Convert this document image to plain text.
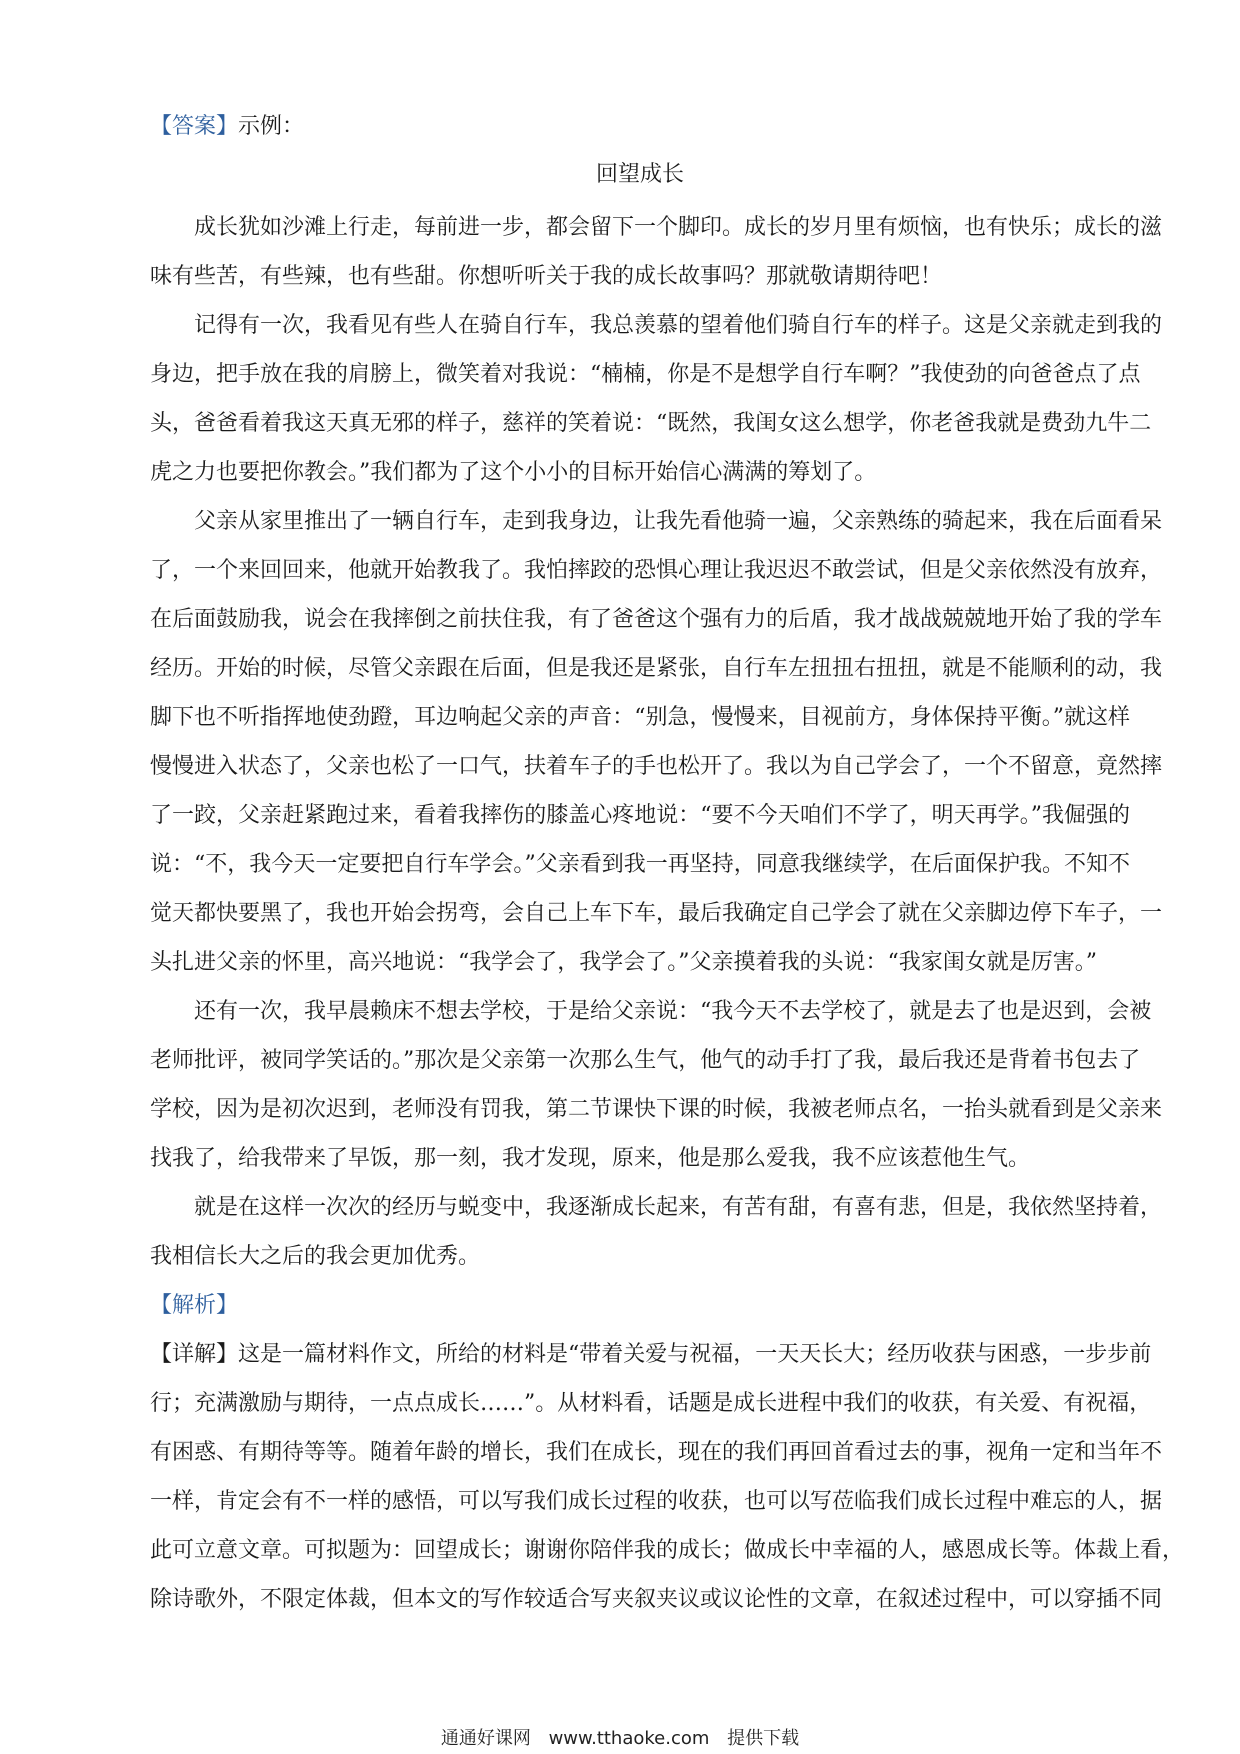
【答案】示例：
回望成长
成长犹如沙滩上行走，每前进一步，都会留下一个脚印。成长的岁月里有烦恼，也有快乐；成长的滋
味有些苦，有些辣，也有些甜。你想听听关于我的成长故事吗？那就敬请期待吧！
记得有一次，我看见有些人在骑自行车，我总羡慕的望着他们骑自行车的样子。这是父亲就走到我的
身边，把手放在我的肩膀上，微笑着对我说：“楠楠，你是不是想学自行车啊？”我使劲的向爸爸点了点
头，爸爸看着我这天真无邪的样子，慈祥的笑着说：“既然，我闺女这么想学，你老爸我就是费劲九牛二
虎之力也要把你教会。”我们都为了这个小小的目标开始信心满满的筹划了。
父亲从家里推出了一辆自行车，走到我身边，让我先看他骑一遍，父亲熟练的骑起来，我在后面看呆
了，一个来回回来，他就开始教我了。我怕摔跤的恐惧心理让我迟迟不敢尝试，但是父亲依然没有放弃，
在后面鼓励我，说会在我摔倒之前扶住我，有了爸爸这个强有力的后盾，我才战战兢兢地开始了我的学车
经历。开始的时候，尽管父亲跟在后面，但是我还是紧张，自行车左扭扭右扭扭，就是不能顺利的动，我
脚下也不听指挥地使劲蹬，耳边响起父亲的声音：“别急，慢慢来，目视前方，身体保持平衡。”就这样
慢慢进入状态了，父亲也松了一口气，扶着车子的手也松开了。我以为自己学会了，一个不留意，竟然摔
了一跤，父亲赶紧跑过来，看着我摔伤的膝盖心疼地说：“要不今天咱们不学了，明天再学。”我倔强的
说：“不，我今天一定要把自行车学会。”父亲看到我一再坚持，同意我继续学，在后面保护我。不知不
觉天都快要黑了，我也开始会拐弯，会自己上车下车，最后我确定自己学会了就在父亲脚边停下车子，一
头扎进父亲的怀里，高兴地说：“我学会了，我学会了。”父亲摸着我的头说：“我家闺女就是厉害。”
还有一次，我早晨赖床不想去学校，于是给父亲说：“我今天不去学校了，就是去了也是迟到，会被
老师批评，被同学笑话的。”那次是父亲第一次那么生气，他气的动手打了我，最后我还是背着书包去了
学校，因为是初次迟到，老师没有罚我，第二节课快下课的时候，我被老师点名，一抬头就看到是父亲来
找我了，给我带来了早饭，那一刻，我才发现，原来，他是那么爱我，我不应该惹他生气。
就是在这样一次次的经历与蜕变中，我逐渐成长起来，有苦有甜，有喜有悲，但是，我依然坚持着，
我相信长大之后的我会更加优秀。
【解析】
【详解】这是一篇材料作文，所给的材料是“带着关爱与祝福，一天天长大；经历收获与困惑，一步步前
行；充满激励与期待，一点点成长……”。从材料看，话题是成长进程中我们的收获，有关爱、有祝福，
有困惑、有期待等等。随着年龄的增长，我们在成长，现在的我们再回首看过去的事，视角一定和当年不
一样，肯定会有不一样的感悟，可以写我们成长过程的收获，也可以写莅临我们成长过程中难忘的人，据
此可立意文章。可拟题为：回望成长；谢谢你陪伴我的成长；做成长中幸福的人，感恩成长等。体裁上看，
除诗歌外，不限定体裁，但本文的写作较适合写夹叙夹议或议论性的文章，在叙述过程中，可以穿插不同
通通好课网 www.tthaoke.com 提供下载
